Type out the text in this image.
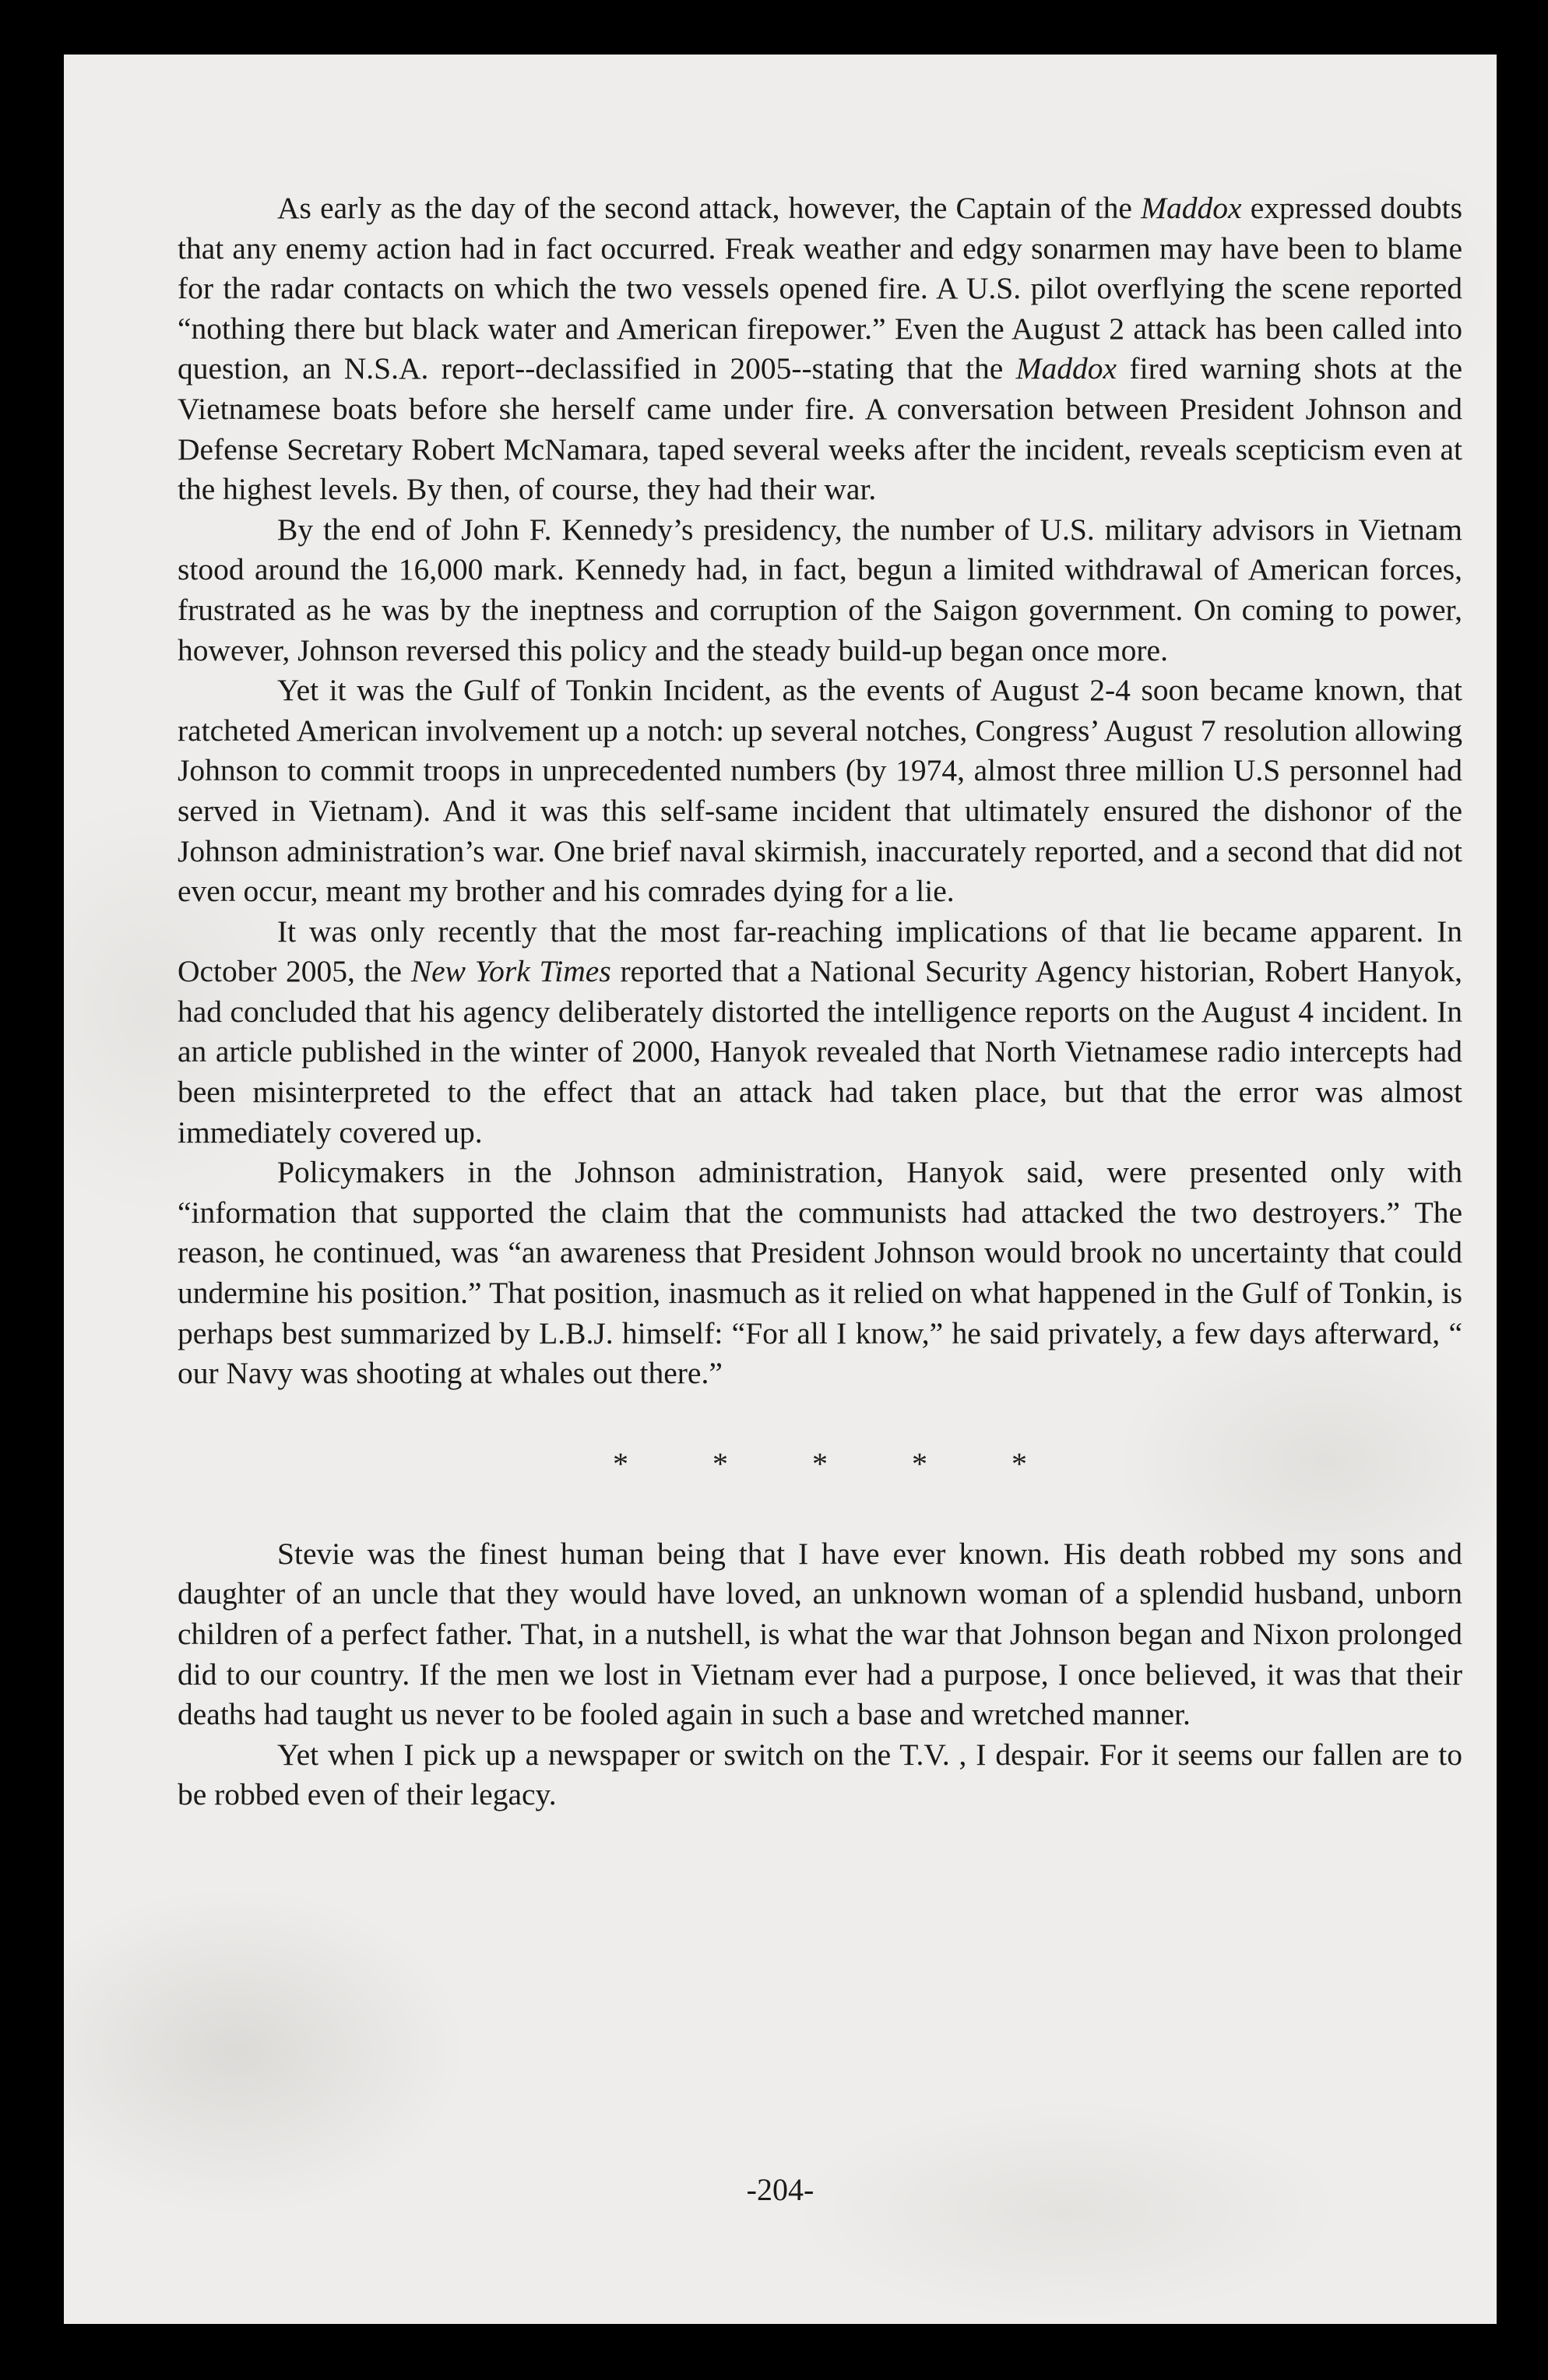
As early as the day of the second attack, however, the Captain of the Maddox expressed doubts that any enemy action had in fact occurred. Freak weather and edgy sonarmen may have been to blame for the radar contacts on which the two vessels opened fire. A U.S. pilot overflying the scene reported “nothing there but black water and American firepower.” Even the August 2 attack has been called into question, an N.S.A. report--declassified in 2005--stating that the Maddox fired warning shots at the Vietnamese boats before she herself came under fire. A conversation between President Johnson and Defense Secretary Robert McNamara, taped several weeks after the incident, reveals scepticism even at the highest levels. By then, of course, they had their war.

By the end of John F. Kennedy’s presidency, the number of U.S. military advisors in Vietnam stood around the 16,000 mark. Kennedy had, in fact, begun a limited withdrawal of American forces, frustrated as he was by the ineptness and corruption of the Saigon government. On coming to power, however, Johnson reversed this policy and the steady build-up began once more.

Yet it was the Gulf of Tonkin Incident, as the events of August 2-4 soon became known, that ratcheted American involvement up a notch: up several notches, Congress’ August 7 resolution allowing Johnson to commit troops in unprecedented numbers (by 1974, almost three million U.S personnel had served in Vietnam). And it was this self-same incident that ultimately ensured the dishonor of the Johnson administration’s war. One brief naval skirmish, inaccurately reported, and a second that did not even occur, meant my brother and his comrades dying for a lie.

It was only recently that the most far-reaching implications of that lie became apparent. In October 2005, the New York Times reported that a National Security Agency historian, Robert Hanyok, had concluded that his agency deliberately distorted the intelligence reports on the August 4 incident. In an article published in the winter of 2000, Hanyok revealed that North Vietnamese radio intercepts had been misinterpreted to the effect that an attack had taken place, but that the error was almost immediately covered up.

Policymakers in the Johnson administration, Hanyok said, were presented only with “information that supported the claim that the communists had attacked the two destroyers.” The reason, he continued, was “an awareness that President Johnson would brook no uncertainty that could undermine his position.” That position, inasmuch as it relied on what happened in the Gulf of Tonkin, is perhaps best summarized by L.B.J. himself: “For all I know,” he said privately, a few days afterward, “ our Navy was shooting at whales out there.”

*	*	*	*	*

Stevie was the finest human being that I have ever known. His death robbed my sons and daughter of an uncle that they would have loved, an unknown woman of a splendid husband, unborn children of a perfect father. That, in a nutshell, is what the war that Johnson began and Nixon prolonged did to our country. If the men we lost in Vietnam ever had a purpose, I once believed, it was that their deaths had taught us never to be fooled again in such a base and wretched manner.

Yet when I pick up a newspaper or switch on the T.V. , I despair. For it seems our fallen are to be robbed even of their legacy.

-204-
